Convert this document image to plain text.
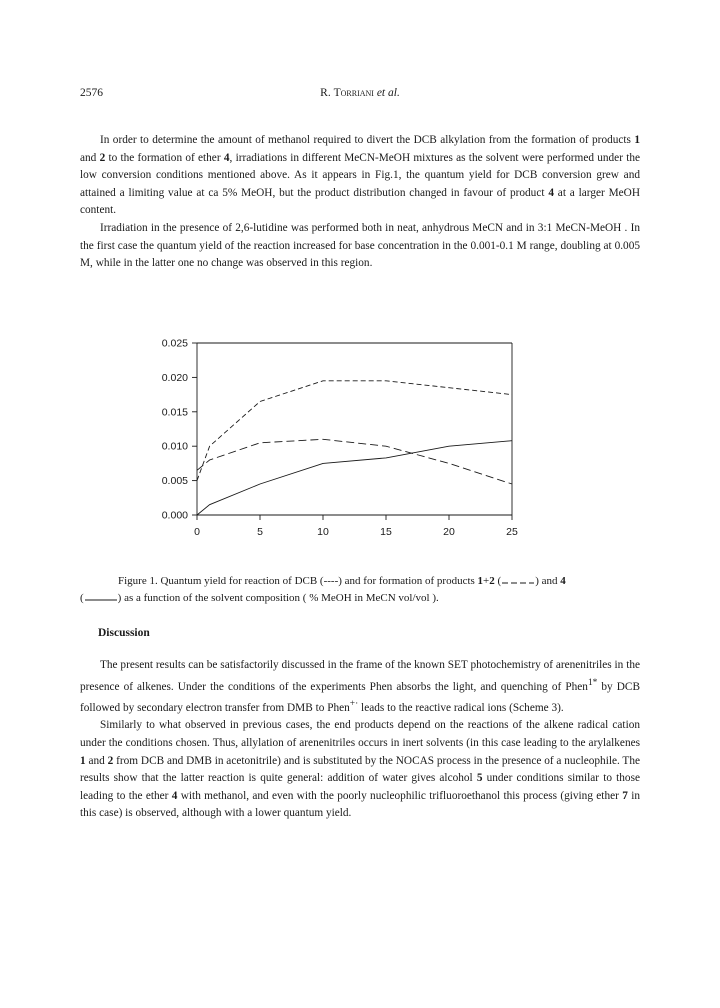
2576	R. Torriani et al.

In order to determine the amount of methanol required to divert the DCB alkylation from the formation of products 1 and 2 to the formation of ether 4, irradiations in different MeCN-MeOH mixtures as the solvent were performed under the low conversion conditions mentioned above. As it appears in Fig.1, the quantum yield for DCB conversion grew and attained a limiting value at ca 5% MeOH, but the product distribution changed in favour of product 4 at a larger MeOH content.

Irradiation in the presence of 2,6-lutidine was performed both in neat, anhydrous MeCN and in 3:1 MeCN-MeOH . In the first case the quantum yield of the reaction increased for base concentration in the 0.001-0.1 M range, doubling at 0.005 M, while in the latter one no change was observed in this region.

0.000
0.005
0.010
0.015
0.020
0.025
0	5	10	15	20	25
Figure 1. Quantum yield for reaction of DCB (----) and for formation of products 1+2 (	) and 4
(	) as a function of the solvent composition ( % MeOH in MeCN vol/vol ).
Discussion

The present results can be satisfactorily discussed in the frame of the known SET photochemistry of arenenitriles in the presence of alkenes. Under the conditions of the experiments Phen absorbs the light, and quenching of Phen$^{1*}$ by DCB followed by secondary electron transfer from DMB to Phen+· leads to the reactive radical ions (Scheme 3).

Similarly to what observed in previous cases, the end products depend on the reactions of the alkene radical cation under the conditions chosen. Thus, allylation of arenenitriles occurs in inert solvents (in this case leading to the arylalkenes 1 and 2 from DCB and DMB in acetonitrile) and is substituted by the NOCAS process in the presence of a nucleophile. The results show that the latter reaction is quite general: addition of water gives alcohol 5 under conditions similar to those leading to the ether 4 with methanol, and even with the poorly nucleophilic trifluoroethanol this process (giving ether 7 in this case) is observed, although with a lower quantum yield.
